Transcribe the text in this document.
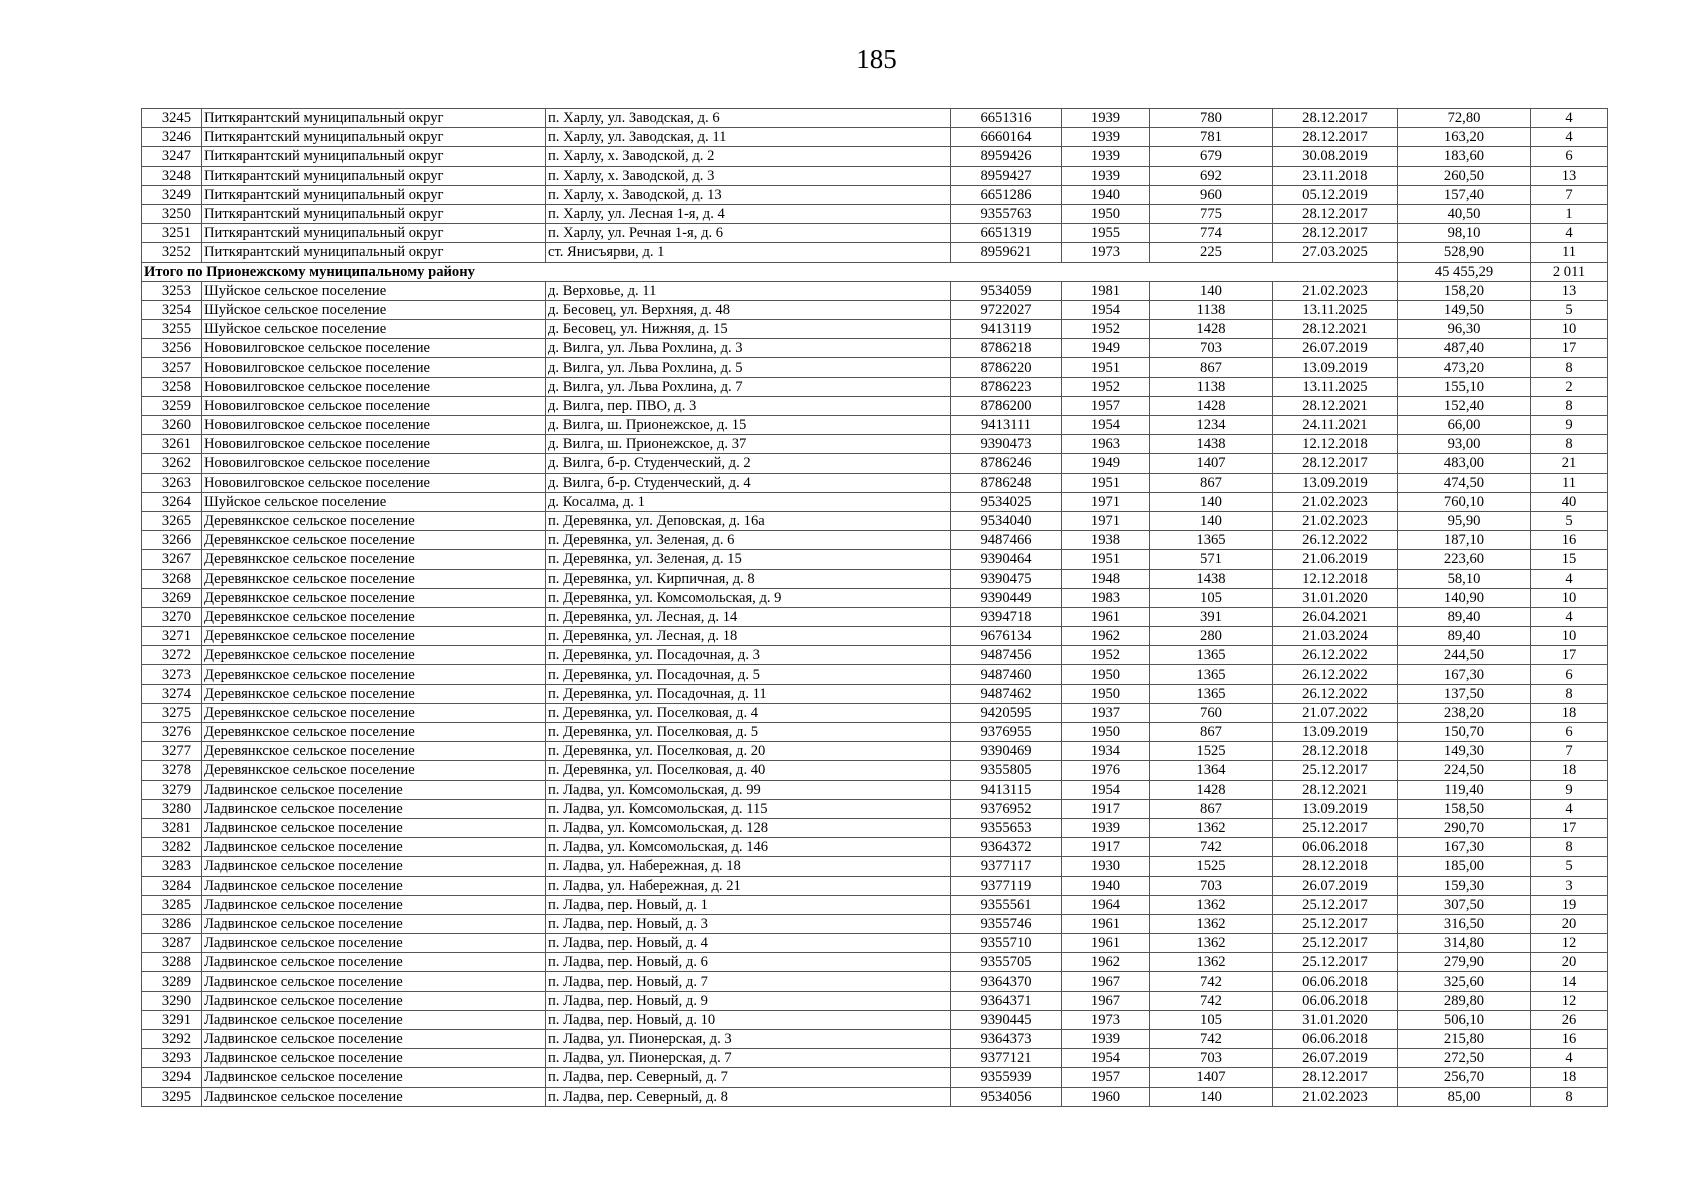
185
3245	Питкярантский муниципальный округ	п. Харлу, ул. Заводская, д. 6	6651316	1939	780	28.12.2017	72,80	4
3246	Питкярантский муниципальный округ	п. Харлу, ул. Заводская, д. 11	6660164	1939	781	28.12.2017	163,20	4
3247	Питкярантский муниципальный округ	п. Харлу, х. Заводской, д. 2	8959426	1939	679	30.08.2019	183,60	6
3248	Питкярантский муниципальный округ	п. Харлу, х. Заводской, д. 3	8959427	1939	692	23.11.2018	260,50	13
3249	Питкярантский муниципальный округ	п. Харлу, х. Заводской, д. 13	6651286	1940	960	05.12.2019	157,40	7
3250	Питкярантский муниципальный округ	п. Харлу, ул. Лесная 1-я, д. 4	9355763	1950	775	28.12.2017	40,50	1
3251	Питкярантский муниципальный округ	п. Харлу, ул. Речная 1-я, д. 6	6651319	1955	774	28.12.2017	98,10	4
3252	Питкярантский муниципальный округ	ст. Янисъярви, д. 1	8959621	1973	225	27.03.2025	528,90	11
Итого по Прионежскому муниципальному району							45 455,29	2 011
3253	Шуйское сельское поселение	д. Верховье, д. 11	9534059	1981	140	21.02.2023	158,20	13
3254	Шуйское сельское поселение	д. Бесовец, ул. Верхняя, д. 48	9722027	1954	1138	13.11.2025	149,50	5
3255	Шуйское сельское поселение	д. Бесовец, ул. Нижняя, д. 15	9413119	1952	1428	28.12.2021	96,30	10
3256	Нововилговское сельское поселение	д. Вилга, ул. Льва Рохлина, д. 3	8786218	1949	703	26.07.2019	487,40	17
3257	Нововилговское сельское поселение	д. Вилга, ул. Льва Рохлина, д. 5	8786220	1951	867	13.09.2019	473,20	8
3258	Нововилговское сельское поселение	д. Вилга, ул. Льва Рохлина, д. 7	8786223	1952	1138	13.11.2025	155,10	2
3259	Нововилговское сельское поселение	д. Вилга, пер. ПВО, д. 3	8786200	1957	1428	28.12.2021	152,40	8
3260	Нововилговское сельское поселение	д. Вилга, ш. Прионежское, д. 15	9413111	1954	1234	24.11.2021	66,00	9
3261	Нововилговское сельское поселение	д. Вилга, ш. Прионежское, д. 37	9390473	1963	1438	12.12.2018	93,00	8
3262	Нововилговское сельское поселение	д. Вилга, б-р. Студенческий, д. 2	8786246	1949	1407	28.12.2017	483,00	21
3263	Нововилговское сельское поселение	д. Вилга, б-р. Студенческий, д. 4	8786248	1951	867	13.09.2019	474,50	11
3264	Шуйское сельское поселение	д. Косалма, д. 1	9534025	1971	140	21.02.2023	760,10	40
3265	Деревянкское сельское поселение	п. Деревянка, ул. Деповская, д. 16а	9534040	1971	140	21.02.2023	95,90	5
3266	Деревянкское сельское поселение	п. Деревянка, ул. Зеленая, д. 6	9487466	1938	1365	26.12.2022	187,10	16
3267	Деревянкское сельское поселение	п. Деревянка, ул. Зеленая, д. 15	9390464	1951	571	21.06.2019	223,60	15
3268	Деревянкское сельское поселение	п. Деревянка, ул. Кирпичная, д. 8	9390475	1948	1438	12.12.2018	58,10	4
3269	Деревянкское сельское поселение	п. Деревянка, ул. Комсомольская, д. 9	9390449	1983	105	31.01.2020	140,90	10
3270	Деревянкское сельское поселение	п. Деревянка, ул. Лесная, д. 14	9394718	1961	391	26.04.2021	89,40	4
3271	Деревянкское сельское поселение	п. Деревянка, ул. Лесная, д. 18	9676134	1962	280	21.03.2024	89,40	10
3272	Деревянкское сельское поселение	п. Деревянка, ул. Посадочная, д. 3	9487456	1952	1365	26.12.2022	244,50	17
3273	Деревянкское сельское поселение	п. Деревянка, ул. Посадочная, д. 5	9487460	1950	1365	26.12.2022	167,30	6
3274	Деревянкское сельское поселение	п. Деревянка, ул. Посадочная, д. 11	9487462	1950	1365	26.12.2022	137,50	8
3275	Деревянкское сельское поселение	п. Деревянка, ул. Поселковая, д. 4	9420595	1937	760	21.07.2022	238,20	18
3276	Деревянкское сельское поселение	п. Деревянка, ул. Поселковая, д. 5	9376955	1950	867	13.09.2019	150,70	6
3277	Деревянкское сельское поселение	п. Деревянка, ул. Поселковая, д. 20	9390469	1934	1525	28.12.2018	149,30	7
3278	Деревянкское сельское поселение	п. Деревянка, ул. Поселковая, д. 40	9355805	1976	1364	25.12.2017	224,50	18
3279	Ладвинское сельское поселение	п. Ладва, ул. Комсомольская, д. 99	9413115	1954	1428	28.12.2021	119,40	9
3280	Ладвинское сельское поселение	п. Ладва, ул. Комсомольская, д. 115	9376952	1917	867	13.09.2019	158,50	4
3281	Ладвинское сельское поселение	п. Ладва, ул. Комсомольская, д. 128	9355653	1939	1362	25.12.2017	290,70	17
3282	Ладвинское сельское поселение	п. Ладва, ул. Комсомольская, д. 146	9364372	1917	742	06.06.2018	167,30	8
3283	Ладвинское сельское поселение	п. Ладва, ул. Набережная, д. 18	9377117	1930	1525	28.12.2018	185,00	5
3284	Ладвинское сельское поселение	п. Ладва, ул. Набережная, д. 21	9377119	1940	703	26.07.2019	159,30	3
3285	Ладвинское сельское поселение	п. Ладва, пер. Новый, д. 1	9355561	1964	1362	25.12.2017	307,50	19
3286	Ладвинское сельское поселение	п. Ладва, пер. Новый, д. 3	9355746	1961	1362	25.12.2017	316,50	20
3287	Ладвинское сельское поселение	п. Ладва, пер. Новый, д. 4	9355710	1961	1362	25.12.2017	314,80	12
3288	Ладвинское сельское поселение	п. Ладва, пер. Новый, д. 6	9355705	1962	1362	25.12.2017	279,90	20
3289	Ладвинское сельское поселение	п. Ладва, пер. Новый, д. 7	9364370	1967	742	06.06.2018	325,60	14
3290	Ладвинское сельское поселение	п. Ладва, пер. Новый, д. 9	9364371	1967	742	06.06.2018	289,80	12
3291	Ладвинское сельское поселение	п. Ладва, пер. Новый, д. 10	9390445	1973	105	31.01.2020	506,10	26
3292	Ладвинское сельское поселение	п. Ладва, ул. Пионерская, д. 3	9364373	1939	742	06.06.2018	215,80	16
3293	Ладвинское сельское поселение	п. Ладва, ул. Пионерская, д. 7	9377121	1954	703	26.07.2019	272,50	4
3294	Ладвинское сельское поселение	п. Ладва, пер. Северный, д. 7	9355939	1957	1407	28.12.2017	256,70	18
3295	Ладвинское сельское поселение	п. Ладва, пер. Северный, д. 8	9534056	1960	140	21.02.2023	85,00	8
